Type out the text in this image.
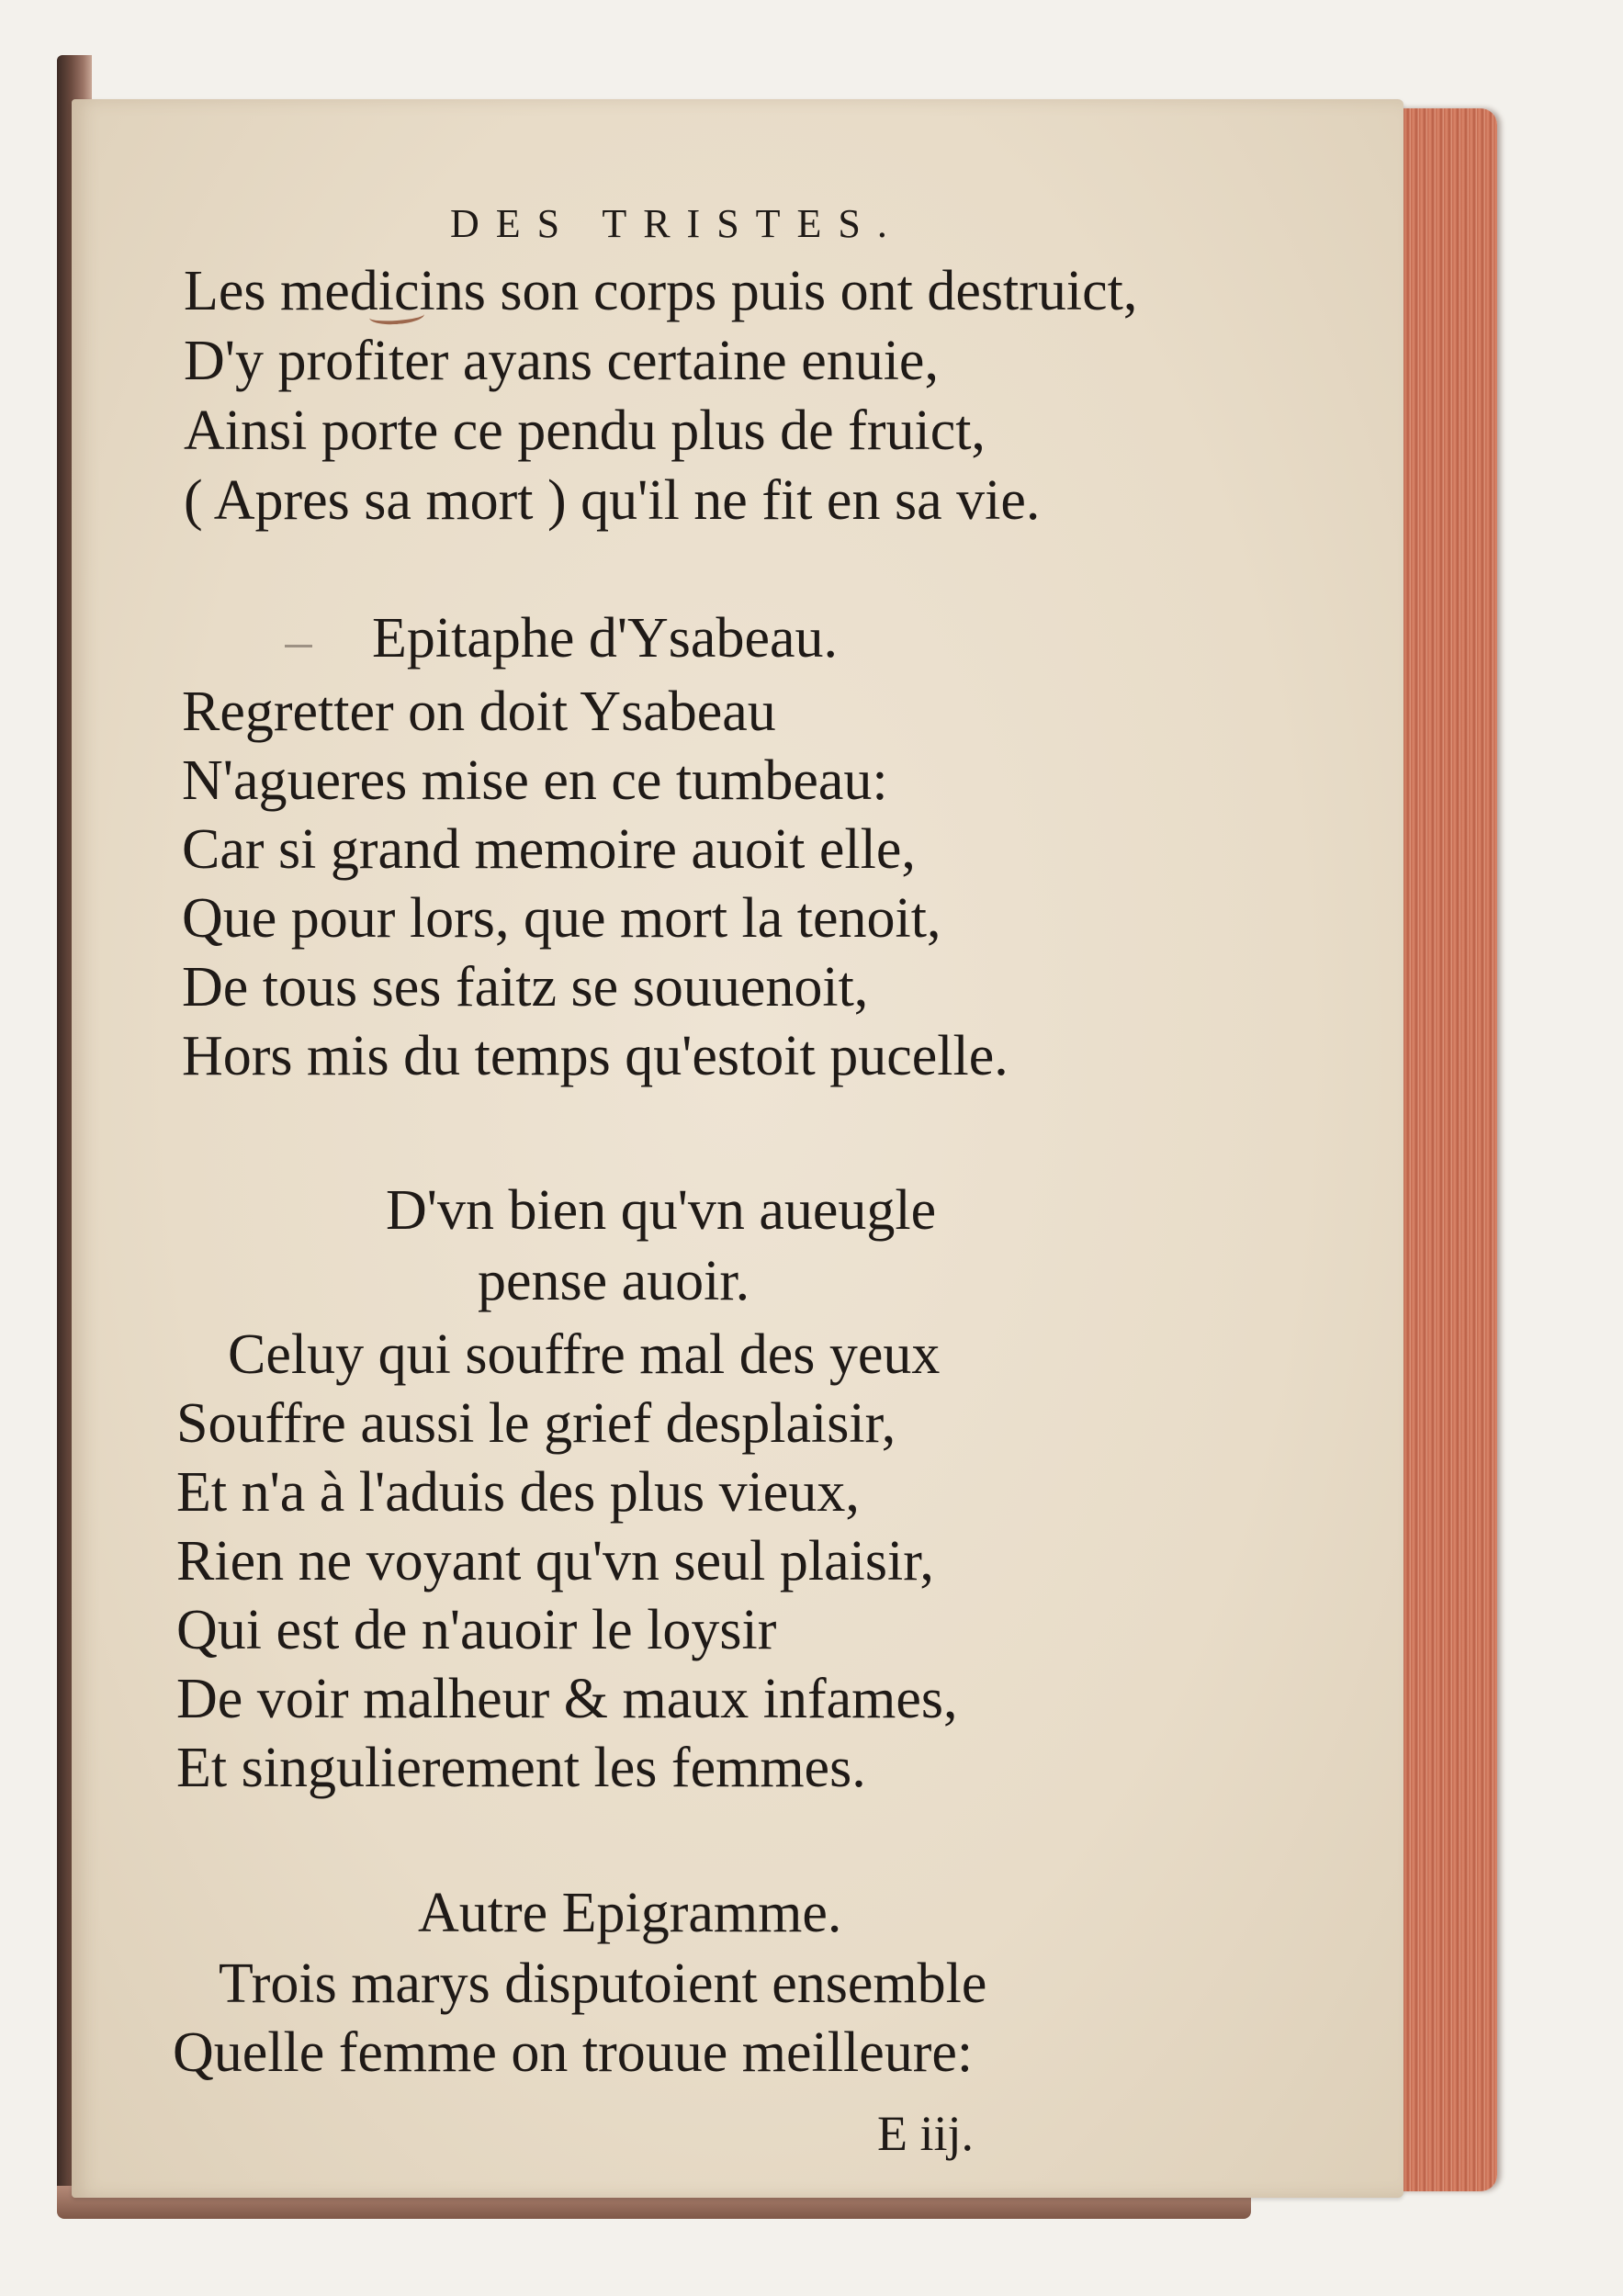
DES TRISTES.
Les medicins son corps puis ont destruict,
D'y profiter ayans certaine enuie,
Ainsi porte ce pendu plus de fruict,
( Apres sa mort ) qu'il ne fit en sa vie.
Epitaphe d'Ysabeau.
Regretter on doit Ysabeau
N'agueres mise en ce tumbeau:
Car si grand memoire auoit elle,
Que pour lors, que mort la tenoit,
De tous ses faitz se souuenoit,
Hors mis du temps qu'estoit pucelle.
D'vn bien qu'vn aueugle
pense auoir.
Celuy qui souffre mal des yeux
Souffre aussi le grief desplaisir,
Et n'a à l'aduis des plus vieux,
Rien ne voyant qu'vn seul plaisir,
Qui est de n'auoir le loysir
De voir malheur & maux infames,
Et singulierement les femmes.
Autre Epigramme.
Trois marys disputoient ensemble
Quelle femme on trouue meilleure:
E iij.
